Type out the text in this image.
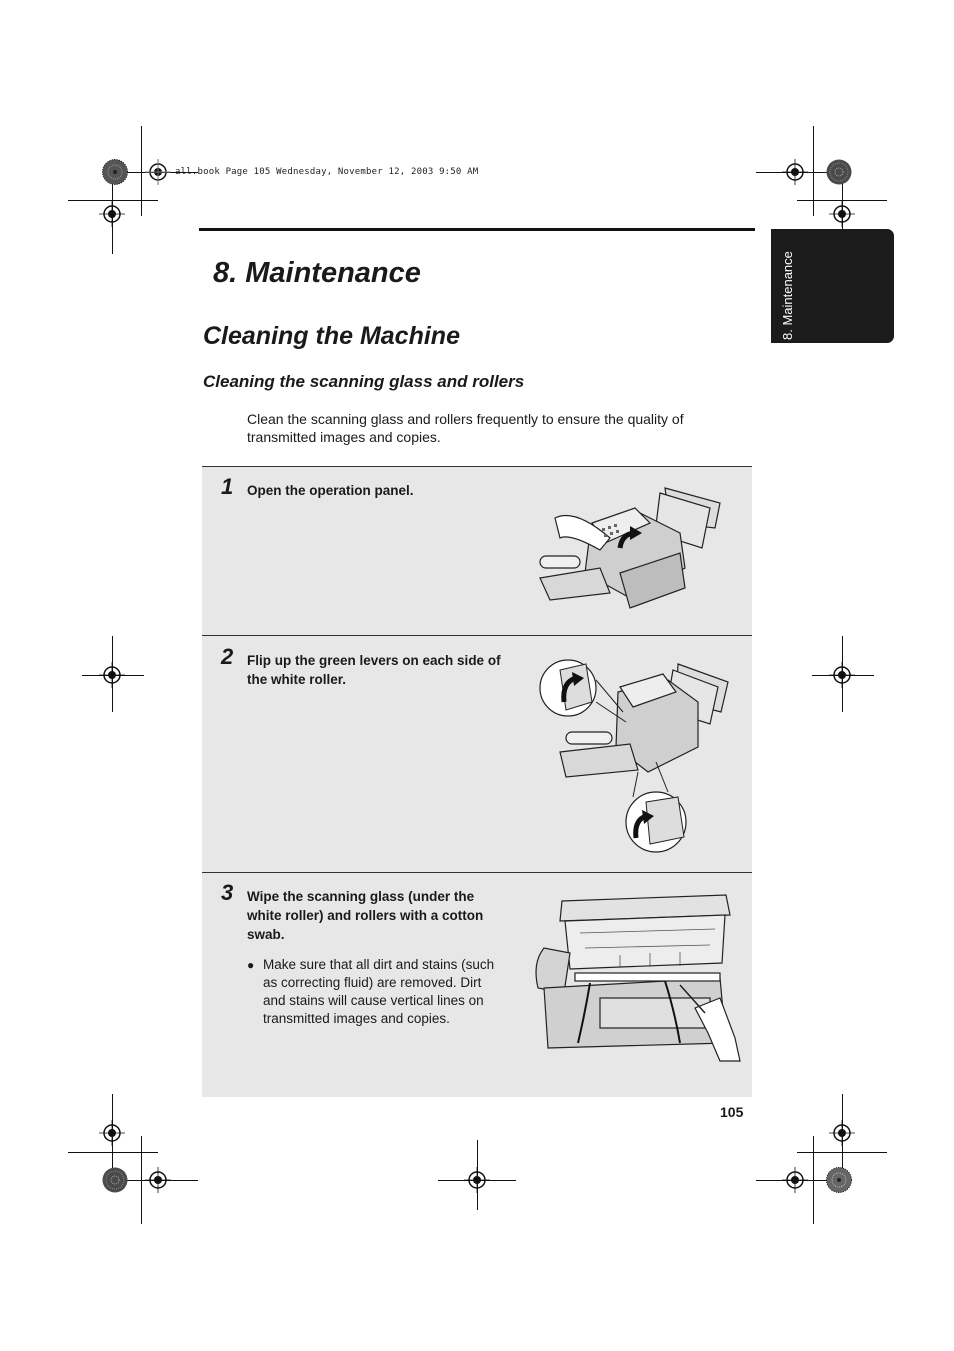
all.book Page 105 Wednesday, November 12, 2003 9:50 AM
8. Maintenance
8. Maintenance
Cleaning the Machine
Cleaning the scanning glass and rollers
Clean the scanning glass and rollers frequently to ensure the quality of
transmitted images and copies.
1 Open the operation panel.
2 Flip up the green levers on each side of
the white roller.
3 Wipe the scanning glass (under the
white roller) and rollers with a cotton
swab.
● Make sure that all dirt and stains (such
as correcting fluid) are removed. Dirt
and stains will cause vertical lines on
transmitted images and copies.
105
